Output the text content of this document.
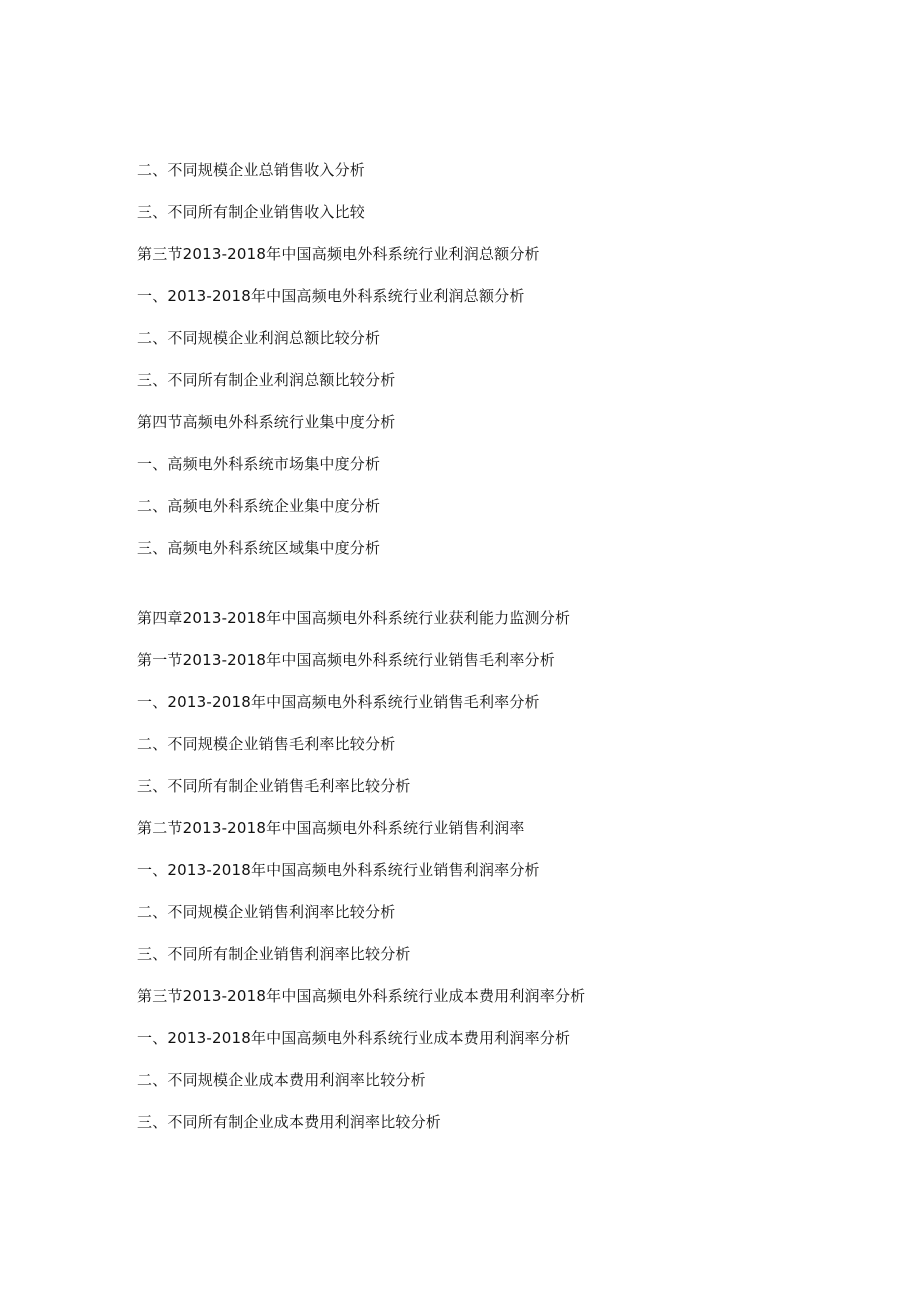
二、不同规模企业总销售收入分析
三、不同所有制企业销售收入比较
第三节2013-2018年中国高频电外科系统行业利润总额分析
一、2013-2018年中国高频电外科系统行业利润总额分析
二、不同规模企业利润总额比较分析
三、不同所有制企业利润总额比较分析
第四节高频电外科系统行业集中度分析
一、高频电外科系统市场集中度分析
二、高频电外科系统企业集中度分析
三、高频电外科系统区域集中度分析
第四章2013-2018年中国高频电外科系统行业获利能力监测分析
第一节2013-2018年中国高频电外科系统行业销售毛利率分析
一、2013-2018年中国高频电外科系统行业销售毛利率分析
二、不同规模企业销售毛利率比较分析
三、不同所有制企业销售毛利率比较分析
第二节2013-2018年中国高频电外科系统行业销售利润率
一、2013-2018年中国高频电外科系统行业销售利润率分析
二、不同规模企业销售利润率比较分析
三、不同所有制企业销售利润率比较分析
第三节2013-2018年中国高频电外科系统行业成本费用利润率分析
一、2013-2018年中国高频电外科系统行业成本费用利润率分析
二、不同规模企业成本费用利润率比较分析
三、不同所有制企业成本费用利润率比较分析
